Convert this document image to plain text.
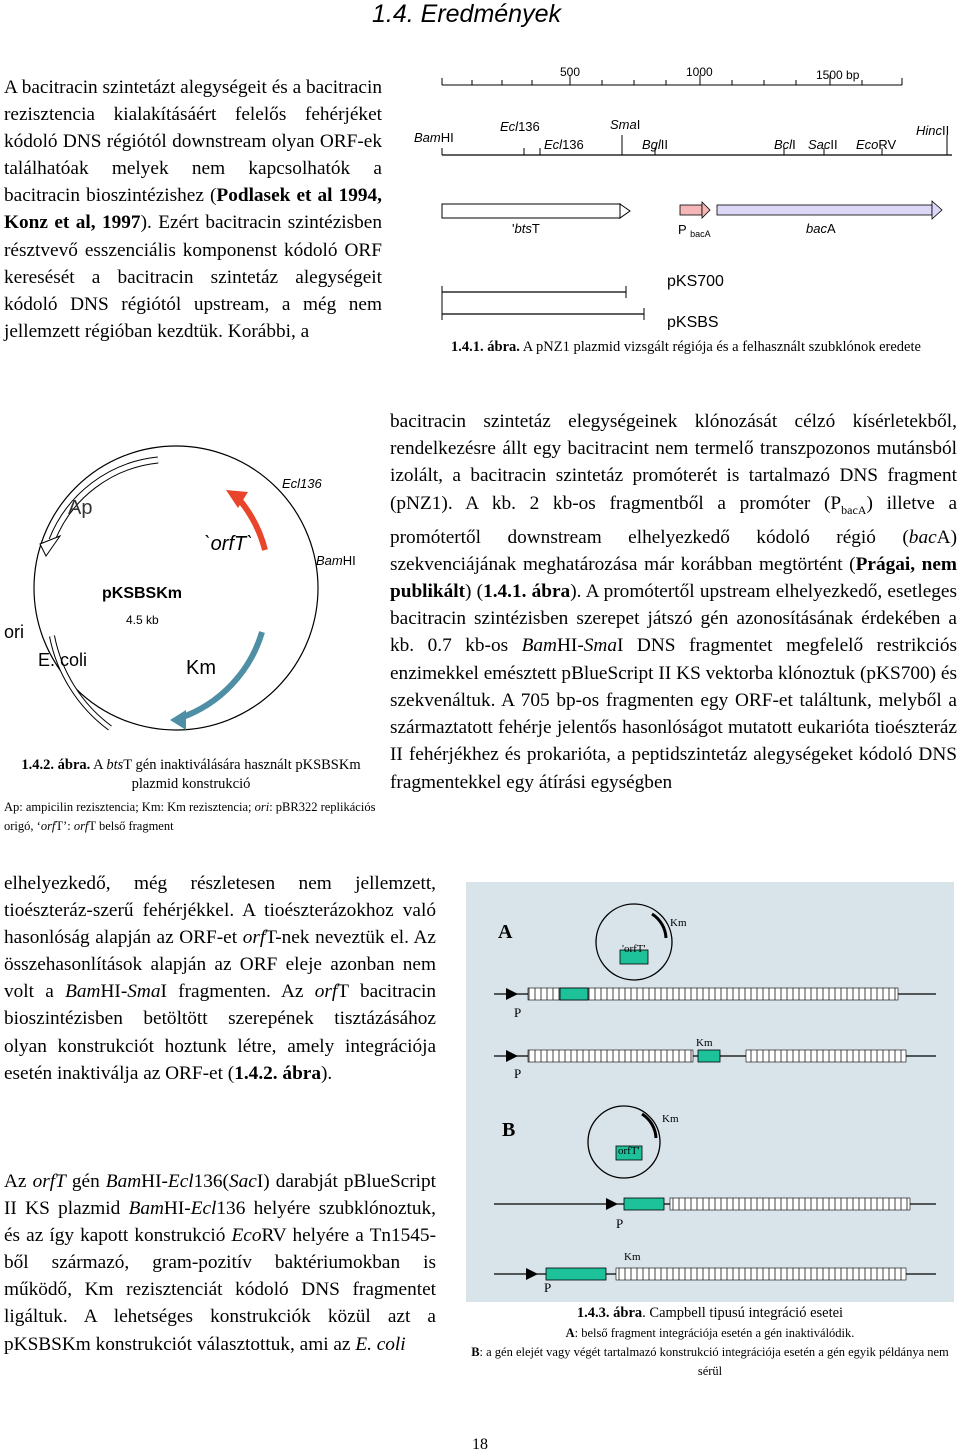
1.4. Eredmények
A bacitracin szintetázt alegységeit és a bacitracin rezisztencia kialakításáért felelős fehérjéket kódoló DNS régiótól downstream olyan ORF-ek találhatóak melyek nem kapcsolhatók a bacitracin bioszintézishez (Podlasek et al 1994, Konz et al, 1997). Ezért bacitracin szintézisben résztvevő esszenciális komponenst kódoló ORF keresését a bacitracin szintetáz alegységeit kódoló DNS régiótól upstream, a még nem jellemzett régióban kezdtük. Korábbi, a
500	1000	1500 bp
BamHI
Ecl136
Ecl136
SmaI
BglII	BclI SacII EcoRV
HincII
'btsT	P $_{bacA}$	bacA
pKS700
pKSBS
1.4.1. ábra. A pNZ1 plazmid vizsgált régiója és a felhasznált szubklónok eredete
bacitracin szintetáz elegységeinek klónozását célzó kísérletekből, rendelkezésre állt egy bacitracint nem termelő transzpozonos mutánsból izolált, a bacitracin szintetáz promóterét is tartalmazó DNS fragment (pNZ1). A kb. 2 kb-os fragmentből a promóter $(P_{bacA})$ illetve a promótertől downstream elhelyezkedő kódoló régió (bacA) szekvenciájának meghatározása már korábban megtörtént (Prágai, nem publikált) (1.4.1. ábra). A promótertől upstream elhelyezkedő, esetleges bacitracin szintézisben szerepet játszó gén azonosításának érdekében a kb. 0.7 kb-os BamHI-SmaI DNS fragmentet megfelelő restrikciós enzimekkel emésztett pBlueScript II KS vektorba klónoztuk (pKS700) és szekvenáltuk. A 705 bp-os fragmenten egy ORF-et találtunk, melyből a származtatott fehérje jelentős hasonlóságot mutatott eukarióta tioészteráz II fehérjékhez és prokarióta, a peptidszintetáz alegységeket kódoló DNS fragmentekkel egy átírási egységben
Ap
`orfT`
Ecl136
BamHI
pKSBSKm
4.5 kb
ori
E. coli	Km
1.4.2. ábra. A btsT gén inaktiválására használt pKSBSKm plazmid konstrukció
Ap: ampicilin rezisztencia; Km: Km rezisztencia; ori: pBR322 replikációs origó, ‘orfT’: orfT belső fragment
elhelyezkedő, még részletesen nem jellemzett, tioészteráz-szerű fehérjékkel. A tioészterázokhoz való hasonlóság alapján az ORF-et orfT-nek neveztük el. Az összehasonlítások alapján az ORF eleje azonban nem volt a BamHI-SmaI fragmenten. Az orfT bacitracin bioszintézisben betöltött szerepének tisztázásához olyan konstrukciót hoztunk létre, amely integrációja esetén inaktiválja az ORF-et (1.4.2. ábra).
Az orfT gén BamHI-Ecl136(SacI) darabját pBlueScript II KS plazmid BamHI-Ecl136 helyére szubklónoztuk, és az így kapott konstrukció EcoRV helyére a Tn1545-ből származó, gram-pozitív baktériumokban is működő, Km rezisztenciát kódoló DNS fragmentet ligáltuk. A lehetséges konstrukciók közül azt a pKSBSKm konstrukciót választottuk, ami az E. coli
A	Km
'orfT'
P
Km
P
B	Km
orfT'
P
Km
P
1.4.3. ábra. Campbell tipusú integráció esetei
A: belső fragment integrációja esetén a gén inaktiválódik.
B: a gén elejét vagy végét tartalmazó konstrukció integrációja esetén a gén egyik példánya nem sérül
18
